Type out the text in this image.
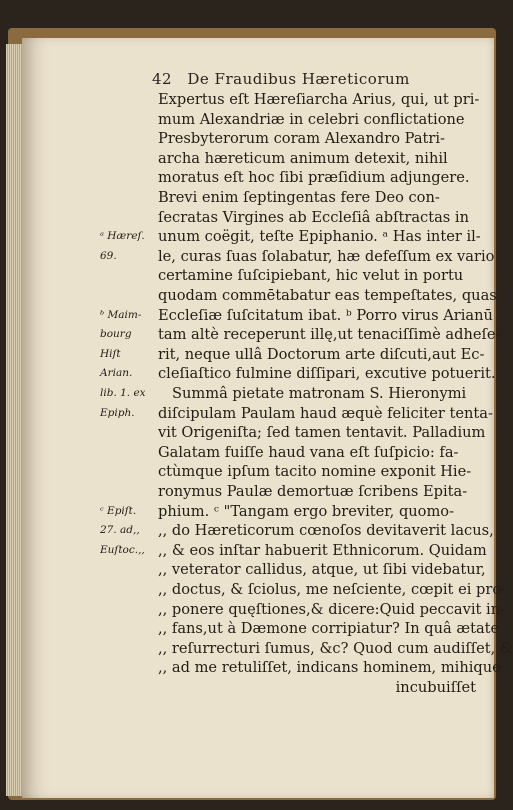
42 De Fraudibus Hæreticorum
Expertus eſt Hæreſiarcha Arius, qui, ut pri-
mum Alexandriæ in celebri conflictatione
Presbyterorum coram Alexandro Patri-
archa hæreticum animum detexit, nihil
moratus eſt hoc ſibi præſidium adjungere.
Brevi enim ſeptingentas fere Deo con-
ſecratas Virgines ab Eccleſiâ abſtractas in
unum coëgit, teſte Epiphanio. ᵃ Has inter il-
le, curas ſuas ſolabatur, hæ defeſſum ex vario
certamine ſuſcipiebant, hic velut in portu
quodam commētabatur eas tempeſtates, quas
Eccleſiæ ſuſcitatum ibat. ᵇ Porro virus Arianū
tam altè receperunt illę,ut tenaciſſimè adheſe-
rit, neque ullâ Doctorum arte diſcuti,aut Ec-
cleſiaſtico fulmine diſſipari, excutive potuerit.
Summâ pietate matronam S. Hieronymi
diſcipulam Paulam haud æquè feliciter tenta-
vit Origeniſta; ſed tamen tentavit. Palladium
Galatam fuiſſe haud vana eſt ſuſpicio: fa-
ctùmque ipſum tacito nomine exponit Hie-
ronymus Paulæ demortuæ ſcribens Epita-
phium. ᶜ "Tangam ergo breviter, quomo-
,, do Hæreticorum cœnoſos devitaverit lacus,
,, & eos inſtar habuerit Ethnicorum. Quidam
,, veterator callidus, atque, ut ſibi videbatur,
,, doctus, & ſciolus, me neſciente, cœpit ei pro-
,, ponere quęſtiones,& dicere:Quid peccavit in-
,, fans,ut à Dæmone corripiatur? In quâ ætate
,, reſurrecturi ſumus, &c? Quod cum audiſſet, &
,, ad me retuliſſet, indicans hominem, mihique
incubuiſſet
ᵃ Hæreſ.
69.
ᵇ Maim-
bourg
Hiſt
Arian.
lib. 1. ex
Epiph.
ᶜ Epiſt.
27. ad,,
Euſtoc.,,
